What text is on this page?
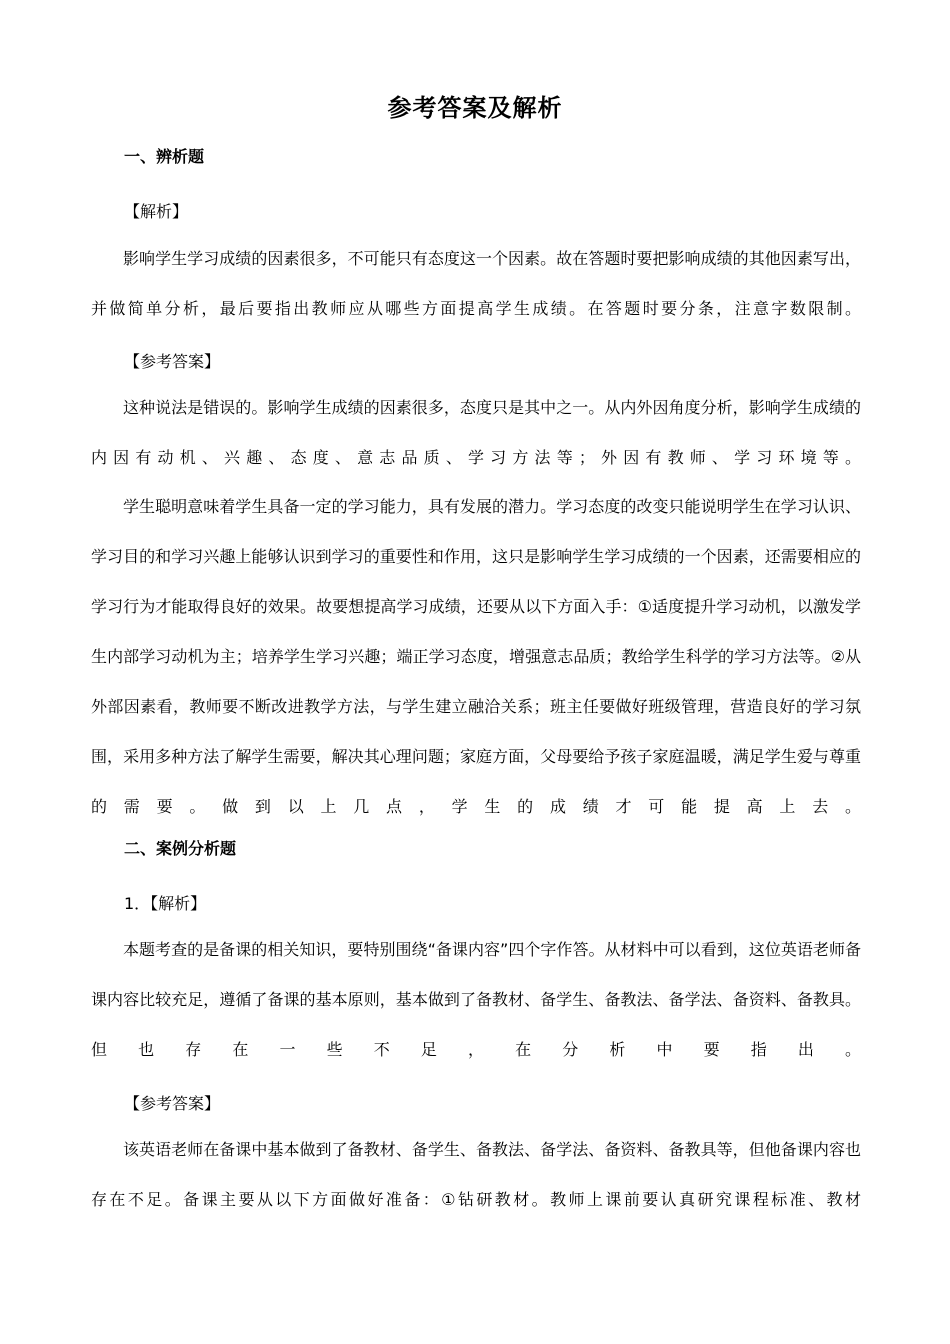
参考答案及解析
一、辨析题
【解析】
影响学生学习成绩的因素很多，不可能只有态度这一个因素。故在答题时要把影响成绩的其他因素写出，并做简单分析，最后要指出教师应从哪些方面提高学生成绩。在答题时要分条，注意字数限制。
【参考答案】
这种说法是错误的。影响学生成绩的因素很多，态度只是其中之一。从内外因角度分析，影响学生成绩的内因有动机、兴趣、态度、意志品质、学习方法等；外因有教师、学习环境等。
学生聪明意味着学生具备一定的学习能力，具有发展的潜力。学习态度的改变只能说明学生在学习认识、学习目的和学习兴趣上能够认识到学习的重要性和作用，这只是影响学生学习成绩的一个因素，还需要相应的学习行为才能取得良好的效果。故要想提高学习成绩，还要从以下方面入手：①适度提升学习动机，以激发学生内部学习动机为主；培养学生学习兴趣；端正学习态度，增强意志品质；教给学生科学的学习方法等。②从外部因素看，教师要不断改进教学方法，与学生建立融洽关系；班主任要做好班级管理，营造良好的学习氛围，采用多种方法了解学生需要，解决其心理问题；家庭方面，父母要给予孩子家庭温暖，满足学生爱与尊重的需要。做到以上几点，学生的成绩才可能提高上去。
二、案例分析题
1．【解析】
本题考查的是备课的相关知识，要特别围绕“备课内容”四个字作答。从材料中可以看到，这位英语老师备课内容比较充足，遵循了备课的基本原则，基本做到了备教材、备学生、备教法、备学法、备资料、备教具。但也存在一些不足，在分析中要指出。
【参考答案】
该英语老师在备课中基本做到了备教材、备学生、备教法、备学法、备资料、备教具等，但他备课内容也存在不足。备课主要从以下方面做好准备：①钻研教材。教师上课前要认真研究课程标准、教材
